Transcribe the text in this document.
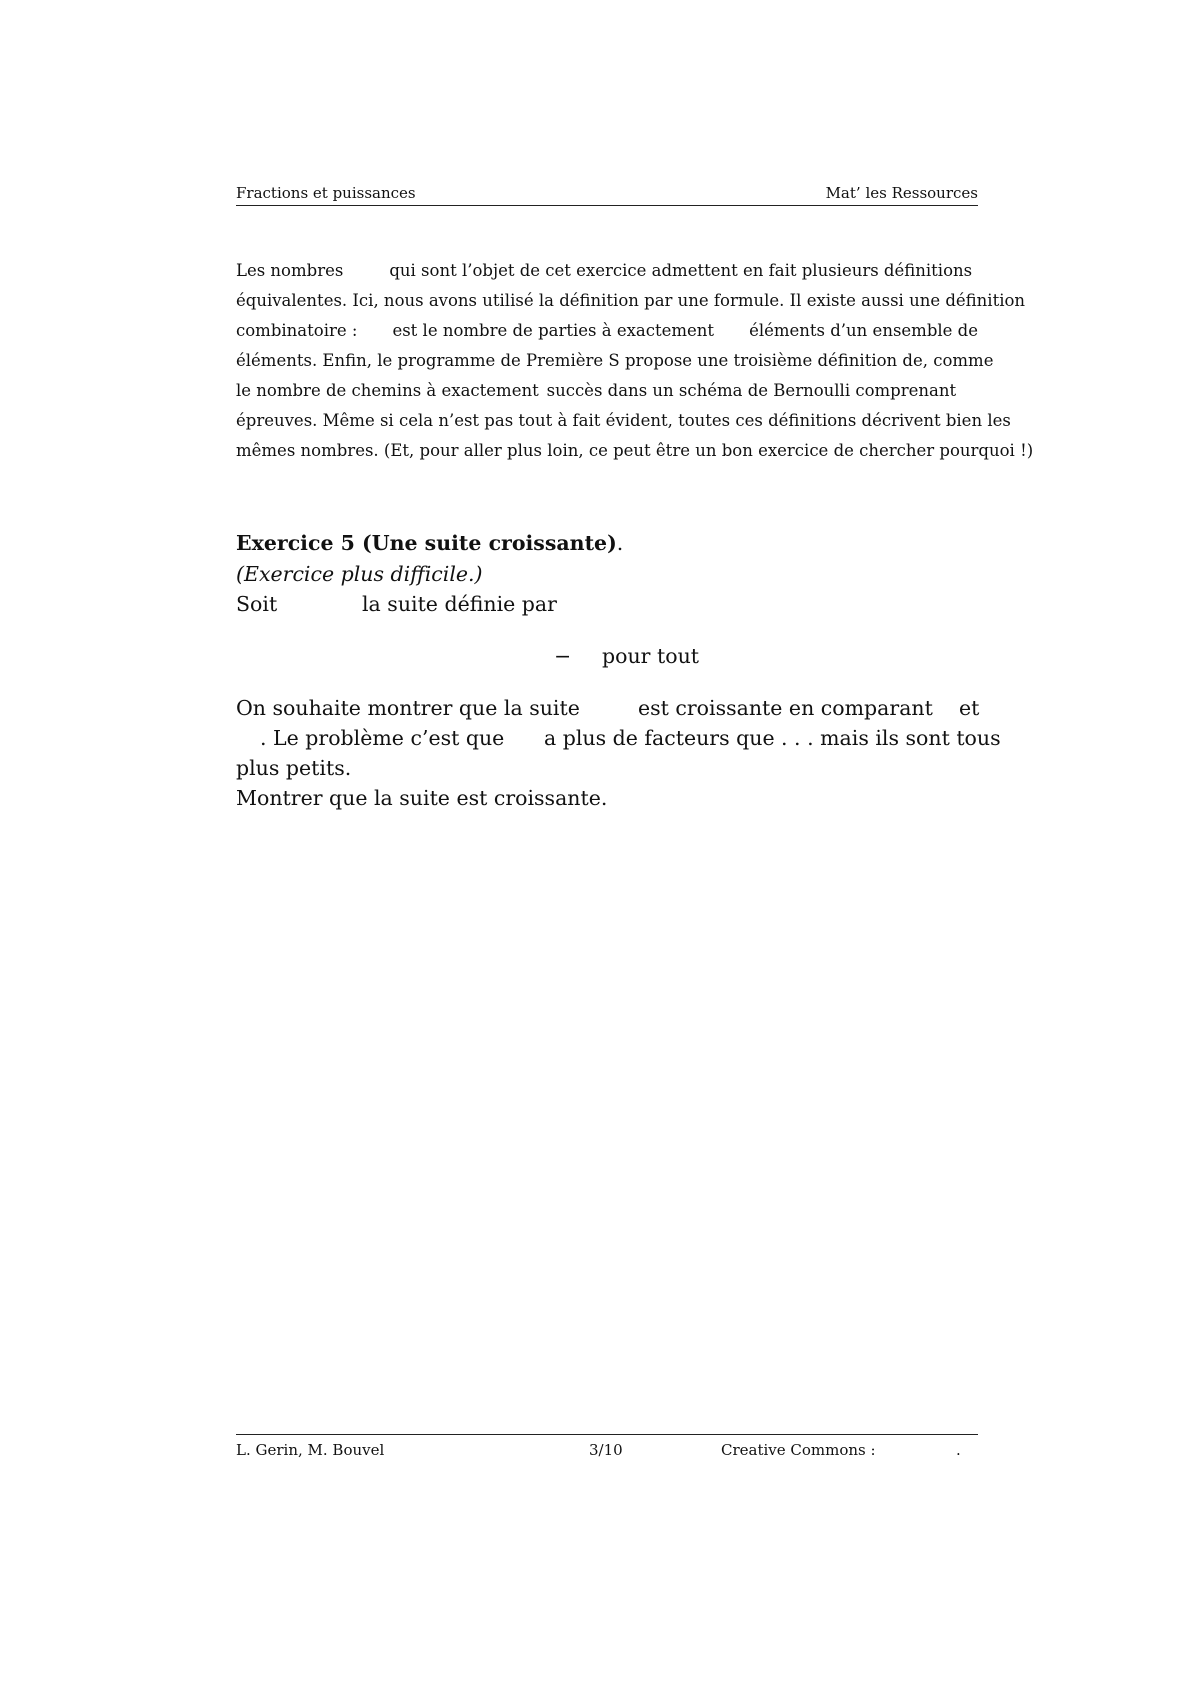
Fractions et puissances	Mat’ les Ressources
Les nombres	qui sont l’objet de cet exercice admettent en fait plusieurs définitions
équivalentes. Ici, nous avons utilisé la définition par une formule. Il existe aussi une définition
combinatoire : est le nombre de parties à exactement éléments d’un ensemble de
éléments. Enfin, le programme de Première S propose une troisième définition de , comme
le nombre de chemins à exactement succès dans un schéma de Bernoulli comprenant
épreuves. Même si cela n’est pas tout à fait évident, toutes ces définitions décrivent bien les
mêmes nombres. (Et, pour aller plus loin, ce peut être un bon exercice de chercher pourquoi !)
Exercice 5 (Une suite croissante).
(Exercice plus difficile.)
Soit	la suite définie par
− pour tout
On souhaite montrer que la suite	est croissante en comparant et
. Le problème c’est que a plus de facteurs que . . . mais ils sont tous
plus petits.
Montrer que la suite est croissante.
L. Gerin, M. Bouvel	3/10	Creative Commons :	.
